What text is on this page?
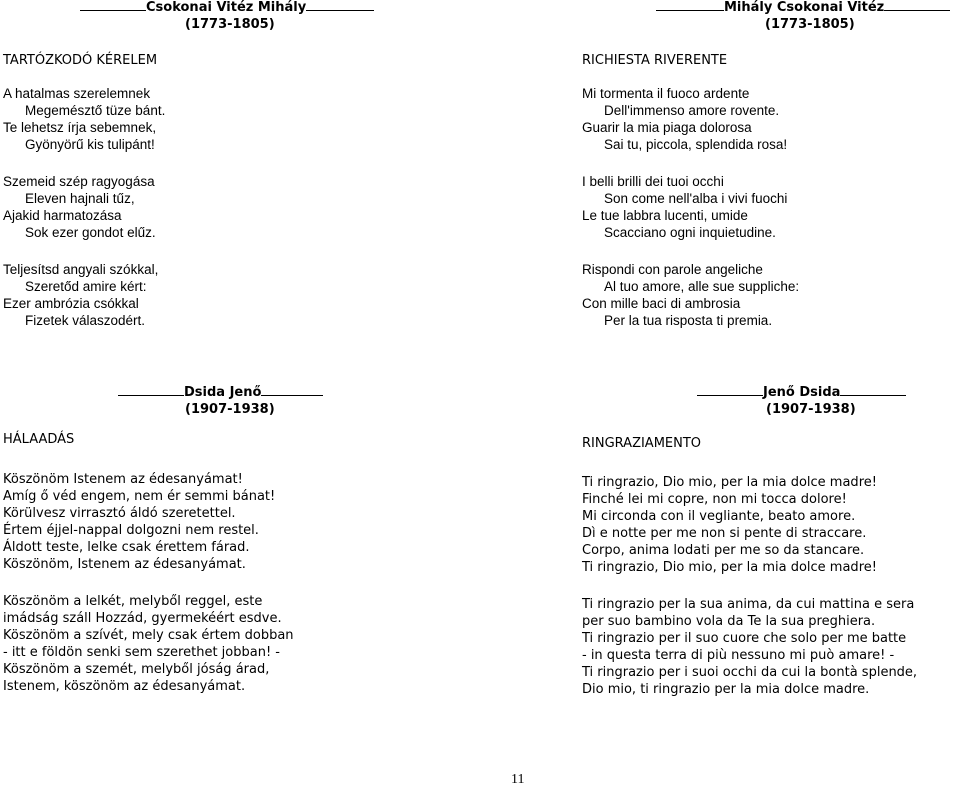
Csokonai Vitéz Mihály
(1773-1805)
TARTÓZKODÓ KÉRELEM
A hatalmas szerelemnek
Megemésztő tüze bánt.
Te lehetsz írja sebemnek,
Gyönyörű kis tulipánt!
Szemeid szép ragyogása
Eleven hajnali tűz,
Ajakid harmatozása
Sok ezer gondot elűz.
Teljesítsd angyali szókkal,
Szeretőd amire kért:
Ezer ambrózia csókkal
Fizetek válaszodért.
Mihály Csokonai Vitéz
(1773-1805)
RICHIESTA RIVERENTE
Mi tormenta il fuoco ardente
Dell'immenso amore rovente.
Guarir la mia piaga dolorosa
Sai tu, piccola, splendida rosa!
I belli brilli dei tuoi occhi
Son come nell'alba i vivi fuochi
Le tue labbra lucenti, umide
Scacciano ogni inquietudine.
Rispondi con parole angeliche
Al tuo amore, alle sue suppliche:
Con mille baci di ambrosia
Per la tua risposta ti premia.
Dsida Jenő
(1907-1938)
HÁLAADÁS
Köszönöm Istenem az édesanyámat!
Amíg ő véd engem, nem ér semmi bánat!
Körülvesz virrasztó áldó szeretettel.
Értem éjjel-nappal dolgozni nem restel.
Áldott teste, lelke csak érettem fárad.
Köszönöm, Istenem az édesanyámat.
Köszönöm a lelkét, melyből reggel, este
imádság száll Hozzád, gyermekéért esdve.
Köszönöm a szívét, mely csak értem dobban
- itt e földön senki sem szerethet jobban! -
Köszönöm a szemét, melyből jóság árad,
Istenem, köszönöm az édesanyámat.
Jenő Dsida
(1907-1938)
RINGRAZIAMENTO
Ti ringrazio, Dio mio, per la mia dolce madre!
Finché lei mi copre, non mi tocca dolore!
Mi circonda con il vegliante, beato amore.
Dì e notte per me non si pente di straccare.
Corpo, anima lodati per me so da stancare.
Ti ringrazio, Dio mio, per la mia dolce madre!
Ti ringrazio per la sua anima, da cui mattina e sera
per suo bambino vola da Te la sua preghiera.
Ti ringrazio per il suo cuore che solo per me batte
- in questa terra di più nessuno mi può amare! -
Ti ringrazio per i suoi occhi da cui la bontà splende,
Dio mio, ti ringrazio per la mia dolce madre.
11
